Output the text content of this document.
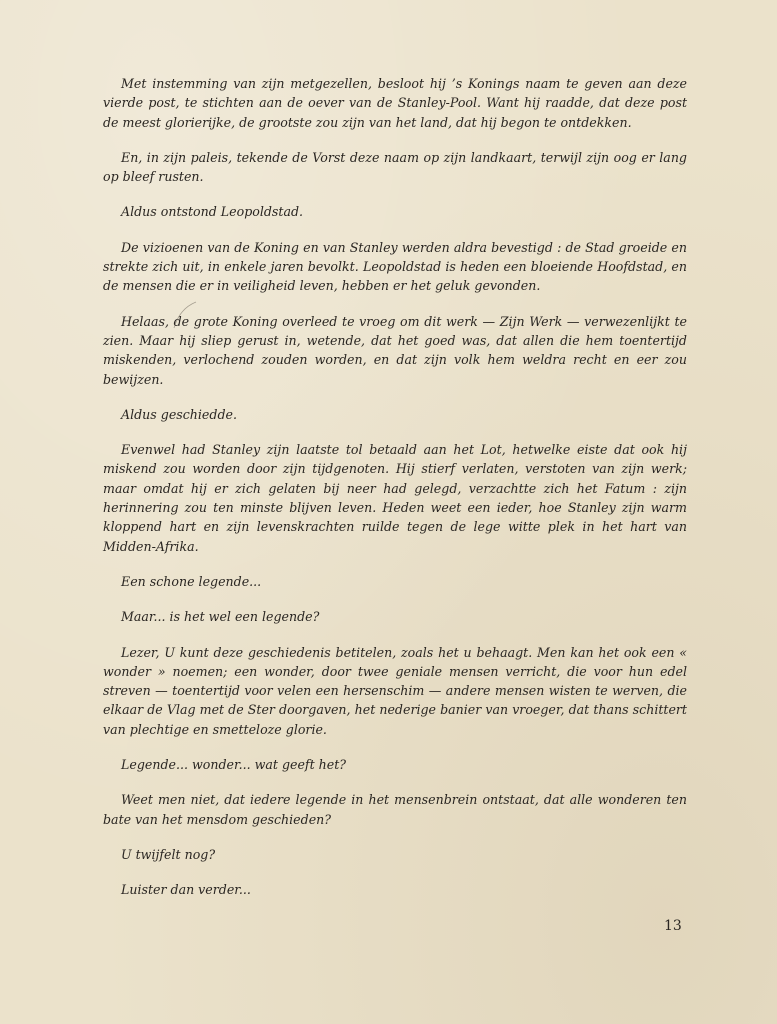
Met instemming van zijn metgezellen, besloot hij ’s Konings naam te geven aan deze vierde post, te stichten aan de oever van de Stanley-Pool. Want hij raadde, dat deze post de meest glorierijke, de grootste zou zijn van het land, dat hij begon te ontdekken.

En, in zijn paleis, tekende de Vorst deze naam op zijn landkaart, terwijl zijn oog er lang op bleef rusten.

Aldus ontstond Leopoldstad.

De vizioenen van de Koning en van Stanley werden aldra bevestigd : de Stad groeide en strekte zich uit, in enkele jaren bevolkt. Leopoldstad is heden een bloeiende Hoofdstad, en de mensen die er in veiligheid leven, hebben er het geluk gevonden.

Helaas, de grote Koning overleed te vroeg om dit werk — Zijn Werk — verwezenlijkt te zien. Maar hij sliep gerust in, wetende, dat het goed was, dat allen die hem toentertijd miskenden, verlochend zouden worden, en dat zijn volk hem weldra recht en eer zou bewijzen.

Aldus geschiedde.

Evenwel had Stanley zijn laatste tol betaald aan het Lot, hetwelke eiste dat ook hij miskend zou worden door zijn tijdgenoten. Hij stierf verlaten, verstoten van zijn werk; maar omdat hij er zich gelaten bij neer had gelegd, verzachtte zich het Fatum : zijn herinnering zou ten minste blijven leven. Heden weet een ieder, hoe Stanley zijn warm kloppend hart en zijn levenskrachten ruilde tegen de lege witte plek in het hart van Midden-Afrika.

Een schone legende...

Maar... is het wel een legende?

Lezer, U kunt deze geschiedenis betitelen, zoals het u behaagt. Men kan het ook een « wonder » noemen; een wonder, door twee geniale mensen verricht, die voor hun edel streven — toentertijd voor velen een hersenschim — andere mensen wisten te werven, die elkaar de Vlag met de Ster doorgaven, het nederige banier van vroeger, dat thans schittert van plechtige en smetteloze glorie.

Legende... wonder... wat geeft het?

Weet men niet, dat iedere legende in het mensenbrein ontstaat, dat alle wonderen ten bate van het mensdom geschieden?

U twijfelt nog?

Luister dan verder...

13
